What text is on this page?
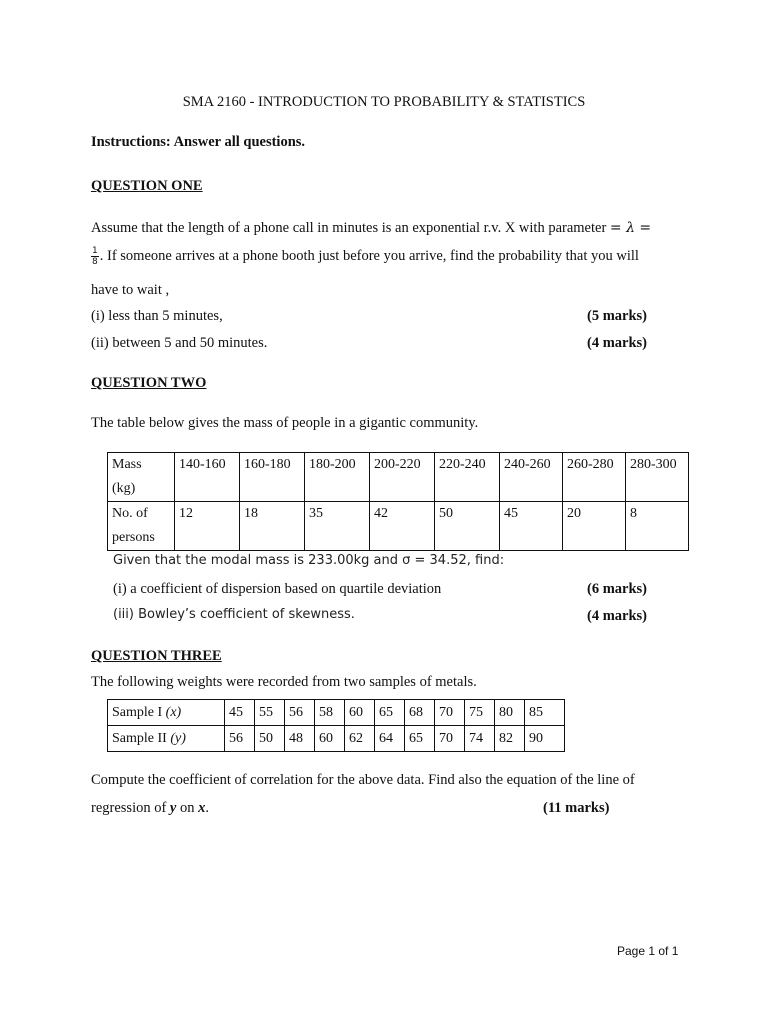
SMA 2160 - INTRODUCTION TO PROBABILITY & STATISTICS
Instructions: Answer all questions.
QUESTION ONE
Assume that the length of a phone call in minutes is an exponential r.v. X with parameter = λ =
$\frac{1}{8}$ . If someone arrives at a phone booth just before you arrive, find the probability that you will
have to wait ,
(i) less than 5 minutes,	(5 marks)
(ii) between 5 and 50 minutes.	(4 marks)
QUESTION TWO
The table below gives the mass of people in a gigantic community.
Mass
(kg)	140-160	160-180	180-200	200-220	220-240	240-260	260-280	280-300

No. of
persons	12	18	35	42	50	45	20	8
Given that the modal mass is 233.00kg and σ = 34.52, find:
(i) a coefficient of dispersion based on quartile deviation	(6 marks)
(iii) Bowley’s coefficient of skewness.	(4 marks)
QUESTION THREE
The following weights were recorded from two samples of metals.
Sample I (x)	45	55	56	58	60	65	68	70	75	80	85
Sample II (y)	56	50	48	60	62	64	65	70	74	82	90
Compute the coefficient of correlation for the above data. Find also the equation of the line of
regression of y on x.	(11 marks)
Page 1 of 1
